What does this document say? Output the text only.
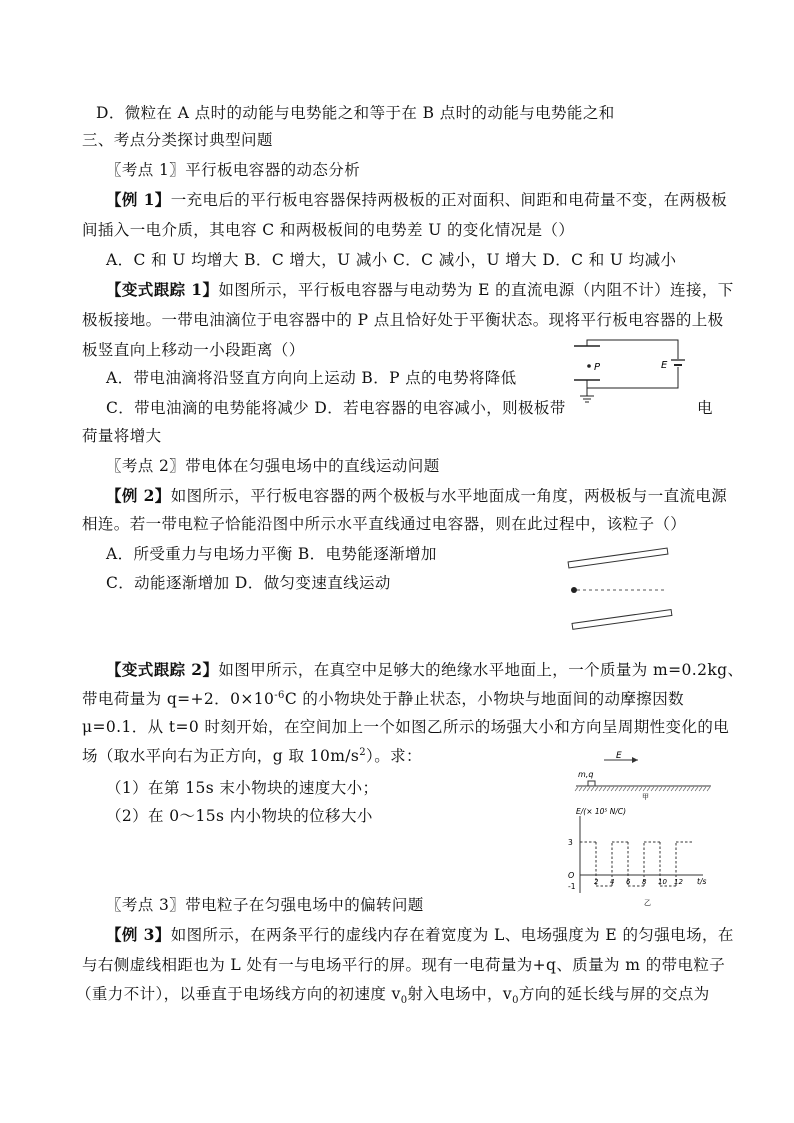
D．微粒在 A 点时的动能与电势能之和等于在 B 点时的动能与电势能之和
三、考点分类探讨典型问题
〖考点 1〗平行板电容器的动态分析
【例 1】一充电后的平行板电容器保持两极板的正对面积、间距和电荷量不变，在两极板
间插入一电介质，其电容 C 和两极板间的电势差 U 的变化情况是（）
A．C 和 U 均增大 B．C 增大，U 减小 C．C 减小，U 增大 D．C 和 U 均减小
【变式跟踪 1】如图所示，平行板电容器与电动势为 E 的直流电源（内阻不计）连接，下
极板接地。一带电油滴位于电容器中的 P 点且恰好处于平衡状态。现将平行板电容器的上极
板竖直向上移动一小段距离（）
A．带电油滴将沿竖直方向向上运动 B．P 点的电势将降低
C．带电油滴的电势能将减少 D．若电容器的电容减小，则极板带	电
荷量将增大
〖考点 2〗带电体在匀强电场中的直线运动问题
【例 2】如图所示，平行板电容器的两个极板与水平地面成一角度，两极板与一直流电源
相连。若一带电粒子恰能沿图中所示水平直线通过电容器，则在此过程中，该粒子（）
A．所受重力与电场力平衡 B．电势能逐渐增加
C．动能逐渐增加 D．做匀变速直线运动
【变式跟踪 2】如图甲所示，在真空中足够大的绝缘水平地面上，一个质量为 m=0.2kg、
带电荷量为 q=+2．$0\times 10^{-6}C$ 的小物块处于静止状态，小物块与地面间的动摩擦因数
μ=0.1．从 t=0 时刻开始，在空间加上一个如图乙所示的场强大小和方向呈周期性变化的电
场（取水平向右为正方向，g 取 $10m/s^2$）。求：
（1）在第 15s 末小物块的速度大小；
（2）在 0～15s 内小物块的位移大小
〖考点 3〗带电粒子在匀强电场中的偏转问题
【例 3】如图所示，在两条平行的虚线内存在着宽度为 L、电场强度为 E 的匀强电场，在
与右侧虚线相距也为 L 处有一与电场平行的屏。现有一电荷量为+q、质量为 m 的带电粒子
（重力不计），以垂直于电场线方向的初速度 $v_0$射入电场中，$v_0$方向的延长线与屏的交点为
P	E
E
m,q
甲
E/(× 10⁵ N/C)
O
t/s
3
-1	2 4 6 8 10 12
乙
